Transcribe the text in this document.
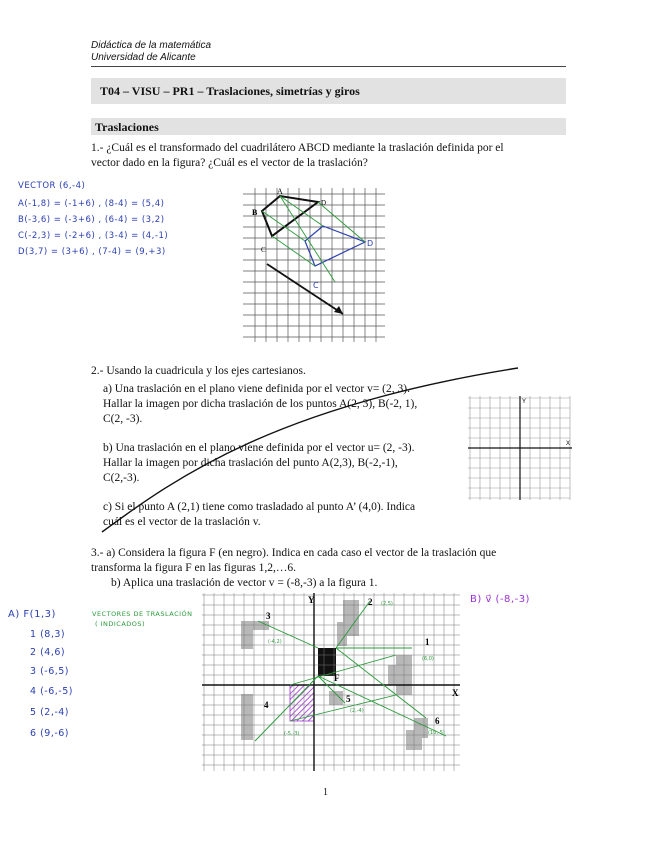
Didáctica de la matemática
Universidad de Alicante
T04 – VISU – PR1 – Traslaciones, simetrías y giros
Traslaciones
1.- ¿Cuál es el transformado del cuadrilátero ABCD mediante la traslación definida por el
vector dado en la figura? ¿Cuál es el vector de la traslación?
VECTOR (6,-4)
A(-1,8) = (-1+6) , (8-4) = (5,4)
B(-3,6) = (-3+6) , (6-4) = (3,2)
C(-2,3) = (-2+6) , (3-4) = (4,-1)
D(3,7) = (3+6) , (7-4) = (9,+3)
A
B
C
D
C
D
2.- Usando la cuadricula y los ejes cartesianos.
a) Una traslación en el plano viene definida por el vector v= (2, 3).
Hallar la imagen por dicha traslación de los puntos A(2, 3), B(-2, 1),
C(2, -3).
b) Una traslación en el plano viene definida por el vector u= (2, -3).
Hallar la imagen por dicha traslación del punto A(2,3), B(-2,-1),
C(2,-3).
c) Si el punto A (2,1) tiene como trasladado al punto A’ (4,0). Indica
cuál es el vector de la traslación v.
Y
X
3.- a) Considera la figura F (en negro). Indica en cada caso el vector de la traslación que
transforma la figura F en las figuras 1,2,…6.
b) Aplica una traslación de vector v = (-8,-3) a la figura 1.
A) F(1,3)
1 (8,3)
2 (4,6)
3 (-6,5)
4 (-6,-5)
5 (2,-4)
6 (9,-6)
VECTORES DE TRASLACIÓN
( INDICADOS)
B) v⃗ (-8,-3)
Y
X
F
1
2
3
4
5
6
(2,5)
(-4,2)
(6,0)
(2,-4)
(10,-5)
(-5,-3)
1
